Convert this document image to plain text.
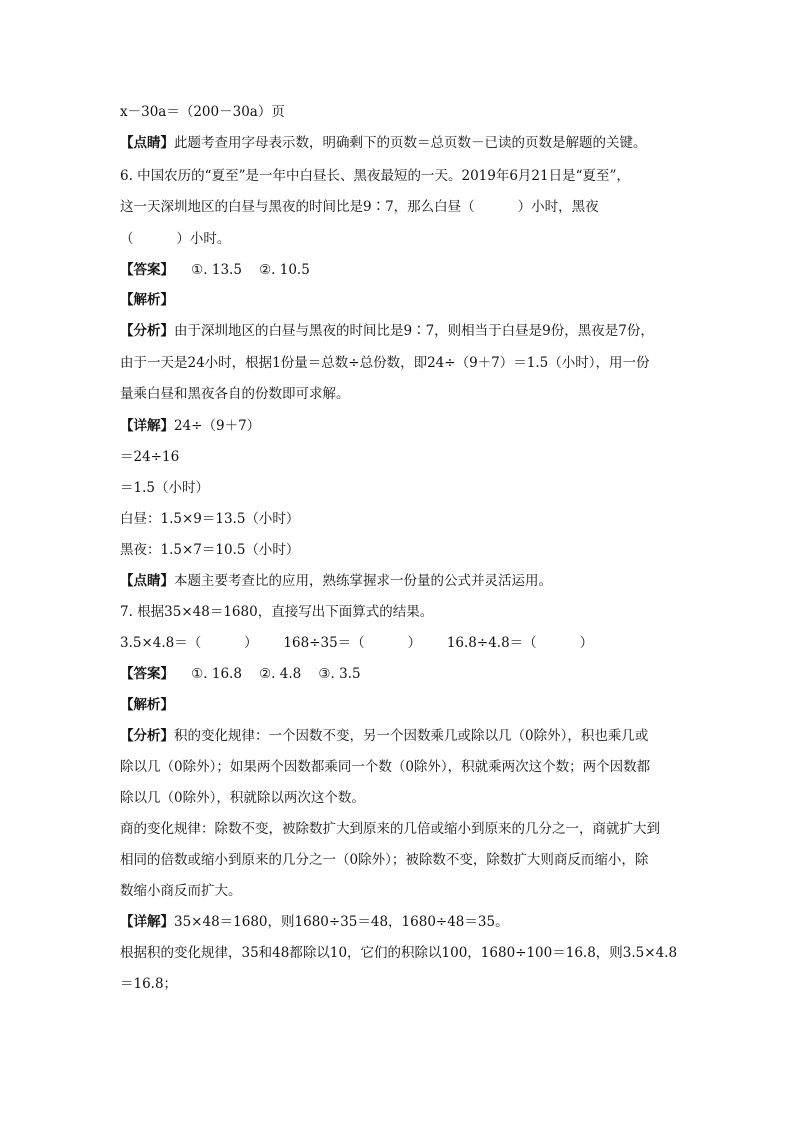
x－30a＝（200－30a）页
【点睛】此题考查用字母表示数，明确剩下的页数＝总页数－已读的页数是解题的关键。
6. 中国农历的“夏至”是一年中白昼长、黑夜最短的一天。2019年6月21日是“夏至”，
这一天深圳地区的白昼与黑夜的时间比是9∶7，那么白昼（          ）小时，黑夜
（          ）小时。
【答案】    ①. 13.5    ②. 10.5
【解析】
【分析】由于深圳地区的白昼与黑夜的时间比是9∶7，则相当于白昼是9份，黑夜是7份，
由于一天是24小时，根据1份量＝总数÷总份数，即24÷（9＋7）＝1.5（小时），用一份
量乘白昼和黑夜各自的份数即可求解。
【详解】24÷（9＋7）
＝24÷16
＝1.5（小时）
白昼：1.5×9＝13.5（小时）
黑夜：1.5×7＝10.5（小时）
【点睛】本题主要考查比的应用，熟练掌握求一份量的公式并灵活运用。
7. 根据35×48＝1680，直接写出下面算式的结果。
3.5×4.8＝（          ）      168÷35＝（          ）      16.8÷4.8＝（          ）
【答案】    ①. 16.8    ②. 4.8    ③. 3.5
【解析】
【分析】积的变化规律：一个因数不变，另一个因数乘几或除以几（0除外），积也乘几或
除以几（0除外）；如果两个因数都乘同一个数（0除外），积就乘两次这个数；两个因数都
除以几（0除外），积就除以两次这个数。
商的变化规律：除数不变，被除数扩大到原来的几倍或缩小到原来的几分之一，商就扩大到
相同的倍数或缩小到原来的几分之一（0除外）；被除数不变，除数扩大则商反而缩小，除
数缩小商反而扩大。
【详解】35×48＝1680，则1680÷35＝48，1680÷48＝35。
根据积的变化规律，35和48都除以10，它们的积除以100，1680÷100＝16.8，则3.5×4.8
＝16.8；
